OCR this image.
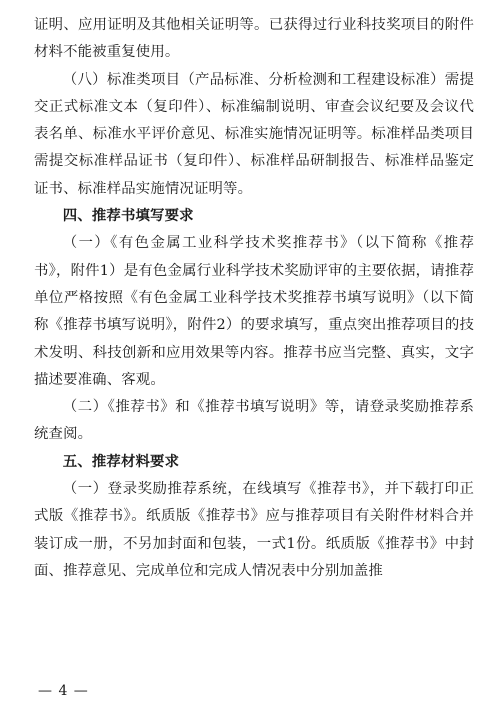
证明、应用证明及其他相关证明等。已获得过行业科技奖项目的附件材料不能被重复使用。

（八）标准类项目（产品标准、分析检测和工程建设标准）需提交正式标准文本（复印件）、标准编制说明、审查会议纪要及会议代表名单、标准水平评价意见、标准实施情况证明等。标准样品类项目需提交标准样品证书（复印件）、标准样品研制报告、标准样品鉴定证书、标准样品实施情况证明等。

四、推荐书填写要求

（一）《有色金属工业科学技术奖推荐书》（以下简称《推荐书》，附件1）是有色金属行业科学技术奖励评审的主要依据，请推荐单位严格按照《有色金属工业科学技术奖推荐书填写说明》（以下简称《推荐书填写说明》，附件2）的要求填写，重点突出推荐项目的技术发明、科技创新和应用效果等内容。推荐书应当完整、真实，文字描述要准确、客观。

（二）《推荐书》和《推荐书填写说明》等，请登录奖励推荐系统查阅。

五、推荐材料要求

（一）登录奖励推荐系统，在线填写《推荐书》，并下载打印正式版《推荐书》。纸质版《推荐书》应与推荐项目有关附件材料合并装订成一册，不另加封面和包装，一式1份。纸质版《推荐书》中封面、推荐意见、完成单位和完成人情况表中分别加盖推

— 4 —
